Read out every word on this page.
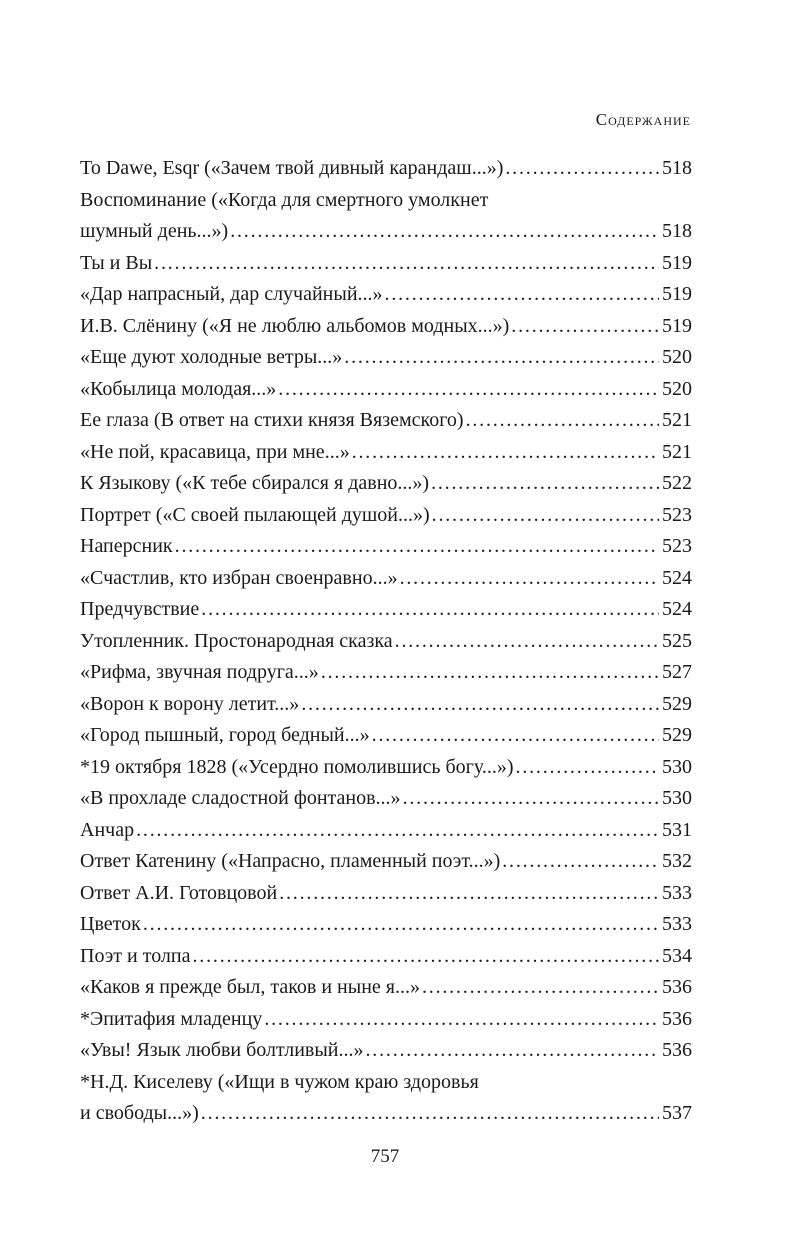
Содержание
To Dawe, Esqr («Зачем твой дивный карандаш...») . . .	518
Воспоминание («Когда для смертного умолкнет
шумный день...») . . .	518
Ты и Вы . . .	519
«Дар напрасный, дар случайный...» . . .	519
И.В. Слёнину («Я не люблю альбомов модных...») . . .	519
«Еще дуют холодные ветры...» . . .	520
«Кобылица молодая...» . . .	520
Ее глаза (В ответ на стихи князя Вяземского) . . .	521
«Не пой, красавица, при мне...» . . .	521
К Языкову («К тебе сбирался я давно...») . . .	522
Портрет («С своей пылающей душой...») . . .	523
Наперсник . . .	523
«Счастлив, кто избран своенравно...» . . .	524
Предчувствие . . .	524
Утопленник. Простонародная сказка . . .	525
«Рифма, звучная подруга...» . . .	527
«Ворон к ворону летит...» . . .	529
«Город пышный, город бедный...» . . .	529
*19 октября 1828 («Усердно помолившись богу...») . . .	530
«В прохладе сладостной фонтанов...» . . .	530
Анчар . . .	531
Ответ Катенину («Напрасно, пламенный поэт...») . . .	532
Ответ А.И. Готовцовой . . .	533
Цветок . . .	533
Поэт и толпа . . .	534
«Каков я прежде был, таков и ныне я...» . . .	536
*Эпитафия младенцу . . .	536
«Увы! Язык любви болтливый...» . . .	536
*Н.Д. Киселеву («Ищи в чужом краю здоровья
и свободы...») . . .	537
757
